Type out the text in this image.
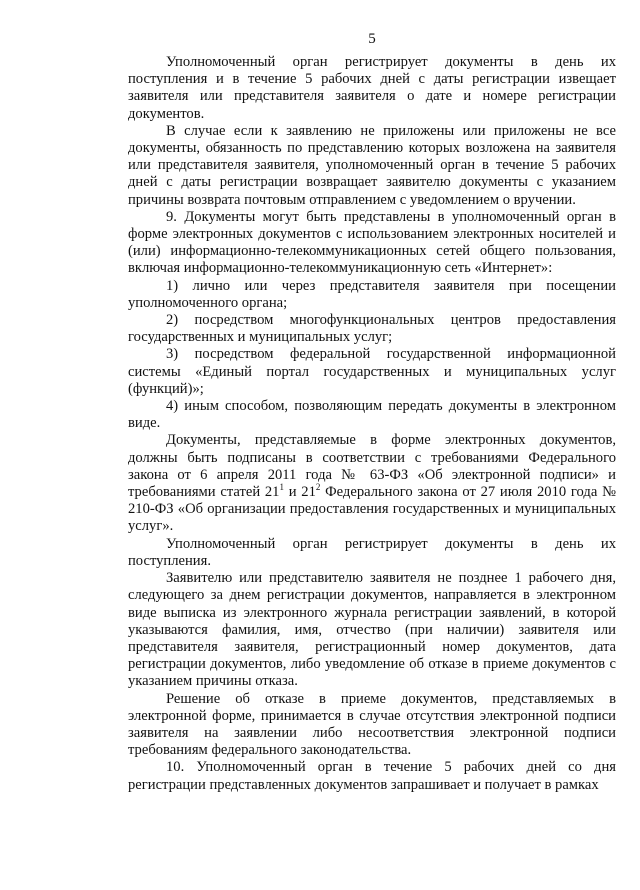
5

Уполномоченный орган регистрирует документы в день их поступления и в течение 5 рабочих дней с даты регистрации извещает заявителя или представителя заявителя о дате и номере регистрации документов.

В случае если к заявлению не приложены или приложены не все документы, обязанность по представлению которых возложена на заявителя или представителя заявителя, уполномоченный орган в течение 5 рабочих дней с даты регистрации возвращает заявителю документы с указанием причины возврата почтовым отправлением с уведомлением о вручении.

9. Документы могут быть представлены в уполномоченный орган в форме электронных документов с использованием электронных носителей и (или) информационно-телекоммуникационных сетей общего пользования, включая информационно-телекоммуникационную сеть «Интернет»:

1) лично или через представителя заявителя при посещении уполномоченного органа;

2) посредством многофункциональных центров предоставления государственных и муниципальных услуг;

3) посредством федеральной государственной информационной системы «Единый портал государственных и муниципальных услуг (функций)»;

4) иным способом, позволяющим передать документы в электронном виде.

Документы, представляемые в форме электронных документов, должны быть подписаны в соответствии с требованиями Федерального закона от 6 апреля 2011 года № 63-ФЗ «Об электронной подписи» и требованиями статей $21^1$ и $21^2$ Федерального закона от 27 июля 2010 года № 210-ФЗ «Об организации предоставления государственных и муниципальных услуг».

Уполномоченный орган регистрирует документы в день их поступления.

Заявителю или представителю заявителя не позднее 1 рабочего дня, следующего за днем регистрации документов, направляется в электронном виде выписка из электронного журнала регистрации заявлений, в которой указываются фамилия, имя, отчество (при наличии) заявителя или представителя заявителя, регистрационный номер документов, дата регистрации документов, либо уведомление об отказе в приеме документов с указанием причины отказа.

Решение об отказе в приеме документов, представляемых в электронной форме, принимается в случае отсутствия электронной подписи заявителя на заявлении либо несоответствия электронной подписи требованиям федерального законодательства.

10. Уполномоченный орган в течение 5 рабочих дней со дня регистрации представленных документов запрашивает и получает в рамках
